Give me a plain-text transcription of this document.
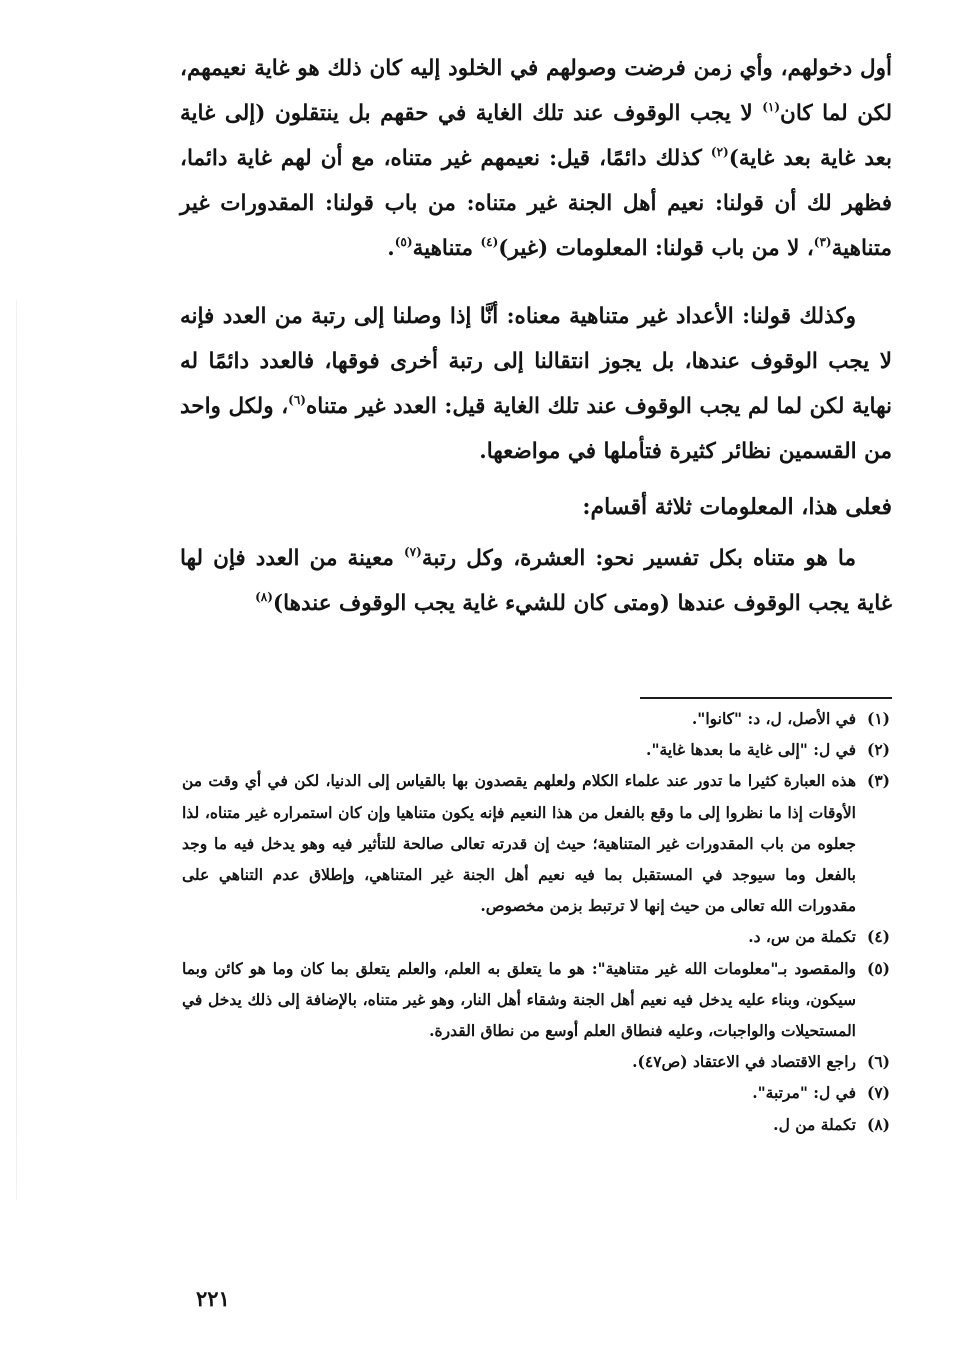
أول دخولهم، وأي زمن فرضت وصولهم في الخلود إليه كان ذلك هو غاية نعيمهم، لكن لما كان$^{(١)}$ لا يجب الوقوف عند تلك الغاية في حقهم بل ينتقلون (إلى غاية بعد غاية بعد غاية)$^{(٢)}$ كذلك دائمًا، قيل: نعيمهم غير متناه، مع أن لهم غاية دائما، فظهر لك أن قولنا: نعيم أهل الجنة غير متناه: من باب قولنا: المقدورات غير متناهية$^{(٣)}$، لا من باب قولنا: المعلومات (غير)$^{(٤)}$ متناهية$^{(٥)}$.

وكذلك قولنا: الأعداد غير متناهية معناه: أنَّا إذا وصلنا إلى رتبة من العدد فإنه لا يجب الوقوف عندها، بل يجوز انتقالنا إلى رتبة أخرى فوقها، فالعدد دائمًا له نهاية لكن لما لم يجب الوقوف عند تلك الغاية قيل: العدد غير متناه$^{(٦)}$، ولكل واحد من القسمين نظائر كثيرة فتأملها في مواضعها.

فعلى هذا، المعلومات ثلاثة أقسام:

ما هو متناه بكل تفسير نحو: العشرة، وكل رتبة$^{(٧)}$ معينة من العدد فإن لها غاية يجب الوقوف عندها (ومتى كان للشيء غاية يجب الوقوف عندها)$^{(٨)}$

(١)في الأصل، ل، د: "كانوا".
(٢)في ل: "إلى غاية ما بعدها غاية".
(٣)هذه العبارة كثيرا ما تدور عند علماء الكلام ولعلهم يقصدون بها بالقياس إلى الدنيا، لكن في أي وقت من الأوقات إذا ما نظروا إلى ما وقع بالفعل من هذا النعيم فإنه يكون متناهيا وإن كان استمراره غير متناه، لذا جعلوه من باب المقدورات غير المتناهية؛ حيث إن قدرته تعالى صالحة للتأثير فيه وهو يدخل فيه ما وجد بالفعل وما سيوجد في المستقبل بما فيه نعيم أهل الجنة غير المتناهي، وإطلاق عدم التناهي على مقدورات الله تعالى من حيث إنها لا ترتبط بزمن مخصوص.
(٤)تكملة من س، د.
(٥)والمقصود بـ"معلومات الله غير متناهية": هو ما يتعلق به العلم، والعلم يتعلق بما كان وما هو كائن وبما سيكون، وبناء عليه يدخل فيه نعيم أهل الجنة وشقاء أهل النار، وهو غير متناه، بالإضافة إلى ذلك يدخل في المستحيلات والواجبات، وعليه فنطاق العلم أوسع من نطاق القدرة.
(٦)راجع الاقتصاد في الاعتقاد (ص٤٧).
(٧)في ل: "مرتبة".
(٨)تكملة من ل.
٢٢١
